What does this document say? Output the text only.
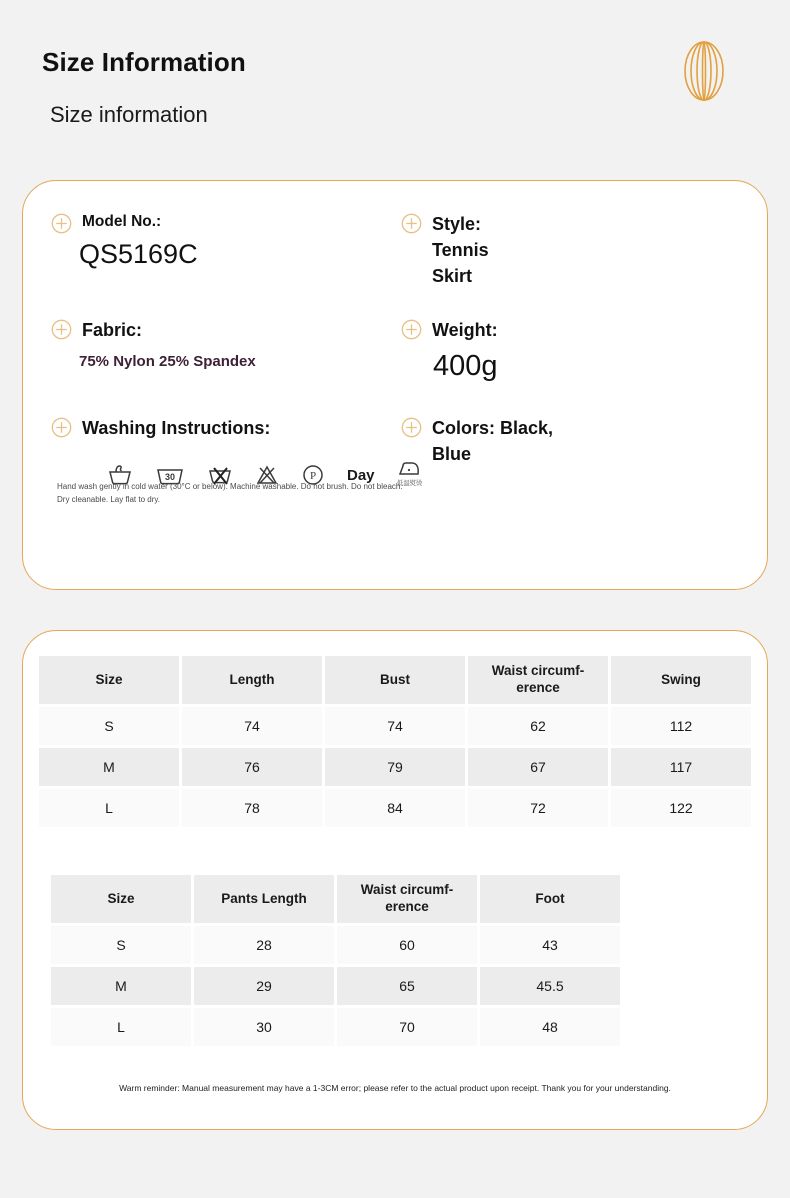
Size Information
Size information
Model No.:
QS5169C
Style: Tennis Skirt
Fabric:
75% Nylon 25% Spandex
Weight:
400g
Washing Instructions:
30	P Day	低温熨烫
Hand wash gently in cold water (30°C or below). Machine washable. Do not brush. Do not bleach. Dry cleanable. Lay flat to dry.
Colors: Black, Blue
Size	Length	Bust	Waist circumf-
erence	Swing
S	74	74	62	112
M	76	79	67	117
L	78	84	72	122
Size	Pants Length	Waist circumf-
erence	Foot
S	28	60	43
M	29	65	45.5
L	30	70	48
Warm reminder: Manual measurement may have a 1-3CM error; please refer to the actual product upon receipt. Thank you for your understanding.
